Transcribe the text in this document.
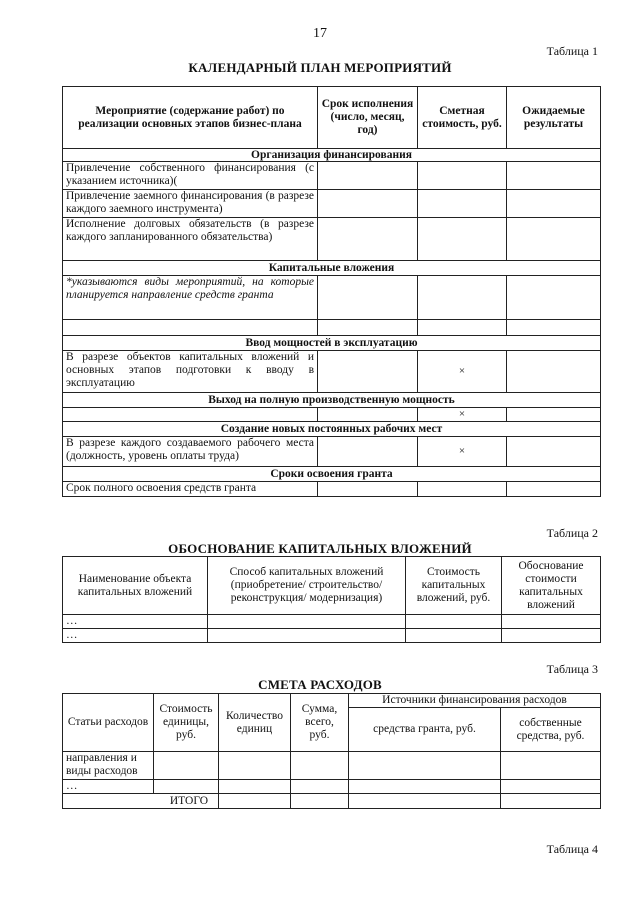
17
Таблица 1
КАЛЕНДАРНЫЙ ПЛАН МЕРОПРИЯТИЙ
Мероприятие (содержание работ) по реализации основных этапов бизнес-плана	Срок исполнения (число, месяц, год)	Сметная стоимость, руб.	Ожидаемые результаты
Организация финансирования			
Привлечение собственного финансирования (с указанием источника)(			
Привлечение заемного финансирования (в разрезе каждого заемного инструмента)			
Исполнение долговых обязательств (в разрезе каждого запланированного обязательства)			
Капитальные вложения			
*указываются виды мероприятий, на которые планируется направление средств гранта			

Ввод мощностей в эксплуатацию			
В разрезе объектов капитальных вложений и основных этапов подготовки к вводу в эксплуатацию		×	
Выход на полную производственную мощность			
		×	
Создание новых постоянных рабочих мест			
В разрезе каждого создаваемого рабочего места (должность, уровень оплаты труда)		×	
Сроки освоения гранта			
Срок полного освоения средств гранта			
Таблица 2
ОБОСНОВАНИЕ КАПИТАЛЬНЫХ ВЛОЖЕНИЙ
Наименование объекта капитальных вложений	Способ капитальных вложений (приобретение/ строительство/реконструкция/ модернизация)	Стоимость капитальных вложений, руб.	Обоснование стоимости капитальных вложений
…			
…			
Таблица 3
СМЕТА РАСХОДОВ
Статьи расходов	Стоимость единицы, руб.	Количество единиц	Сумма, всего, руб.	Источники финансирования расходов	
				средства гранта, руб.	собственные средства, руб.
направления и виды расходов					
…					
ИТОГО					
Таблица 4
